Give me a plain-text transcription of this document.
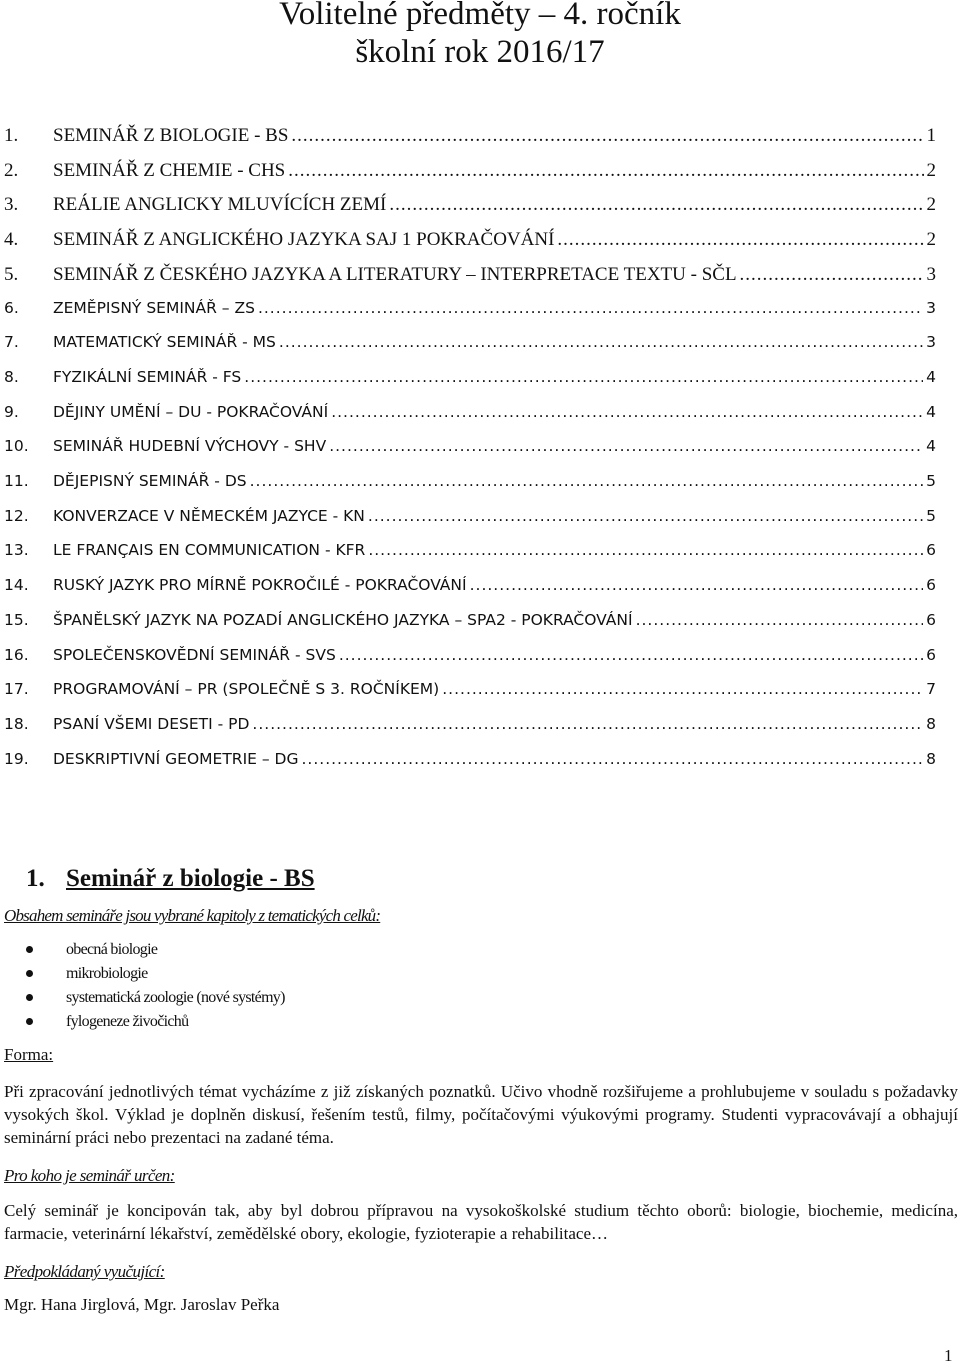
Volitelné předměty – 4. ročník
školní rok 2016/17
1.	SEMINÁŘ Z BIOLOGIE - BS .....	1
2.	SEMINÁŘ Z CHEMIE - CHS .....	2
3.	REÁLIE ANGLICKY MLUVÍCÍCH ZEMÍ .....	2
4.	SEMINÁŘ Z ANGLICKÉHO JAZYKA SAJ 1 POKRAČOVÁNÍ .....	2
5.	SEMINÁŘ Z ČESKÉHO JAZYKA A LITERATURY – INTERPRETACE TEXTU - SČL .....	3
6.	ZEMĚPISNÝ SEMINÁŘ – ZS .....	3
7.	MATEMATICKÝ SEMINÁŘ - MS .....	3
8.	FYZIKÁLNÍ SEMINÁŘ - FS .....	4
9.	DĚJINY UMĚNÍ – DU - POKRAČOVÁNÍ .....	4
10.	SEMINÁŘ HUDEBNÍ VÝCHOVY - SHV .....	4
11.	DĚJEPISNÝ SEMINÁŘ - DS .....	5
12.	KONVERZACE V NĚMECKÉM JAZYCE - KN .....	5
13.	LE FRANÇAIS EN COMMUNICATION - KFR .....	6
14.	RUSKÝ JAZYK PRO MÍRNĚ POKROČILÉ - POKRAČOVÁNÍ .....	6
15.	ŠPANĚLSKÝ JAZYK NA POZADÍ ANGLICKÉHO JAZYKA – SPA2 - POKRAČOVÁNÍ .....	6
16.	SPOLEČENSKOVĚDNÍ SEMINÁŘ - SVS .....	6
17.	PROGRAMOVÁNÍ – PR (SPOLEČNĚ S 3. ROČNÍKEM) .....	7
18.	PSANÍ VŠEMI DESETI - PD .....	8
19.	DESKRIPTIVNÍ GEOMETRIE – DG .....	8
1. Seminář z biologie - BS
Obsahem semináře jsou vybrané kapitoly z tematických celků:
obecná biologie
mikrobiologie
systematická zoologie (nové systémy)
fylogeneze živočichů
Forma:

Při zpracování jednotlivých témat vycházíme z již získaných poznatků. Učivo vhodně rozšiřujeme a prohlubujeme v souladu s požadavky vysokých škol. Výklad je doplněn diskusí, řešením testů, filmy, počítačovými výukovými programy. Studenti vypracovávají a obhajují seminární práci nebo prezentaci na zadané téma.

Pro koho je seminář určen:

Celý seminář je koncipován tak, aby byl dobrou přípravou na vysokoškolské studium těchto oborů: biologie, biochemie, medicína, farmacie, veterinární lékařství, zemědělské obory, ekologie, fyzioterapie a rehabilitace…

Předpokládaný vyučující:
Mgr. Hana Jirglová, Mgr. Jaroslav Peřka
1
